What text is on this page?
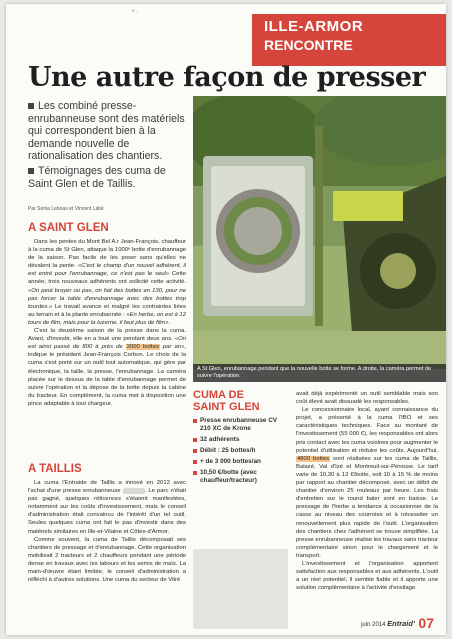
* ·
ILLE-ARMOR
RENCONTRE
Une autre façon de presser

Les combiné presse-enrubanneuse sont des matériels qui correspondent bien à la demande nouvelle de rationalisation des chantiers.

Témoignages des cuma de Saint Glen et de Taillis.

Par Sonia Leboas et Vincent Labé
A SAINT GLEN

Dans les pentes du Mont Bel A.r Jean-François, chauffeur à la cuma de St Glen, attaque la 1000ᵉ botte d'enrubannage de la saison. Pas facile de les poser sans qu'elles ne dévalent la pente. «C'est le champ d'un nouvel adhérent, il est entré pour l'enrubannage, ce n'est pas le seul» Cette année, trois nouveaux adhérents ont sollicité cette activité. «On peut broyer ou pas, on fait des bottes en 130, pour ne pas forcer la table d'enrubannage avec des bottes trop lourdes.» Le travail avance et malgré les contraintes liées au terrain et à la plante enrubannée : «En herbe, on est à 12 tours de film, mais pour la luzerne, il faut plus de film».

C'est la deuxième saison de la presse dans la cuma. Avant, d'investir, elle en a loué une pendant deux ans. «On est ainsi passé de 800 à près de 2000 bottes par an», indique le président Jean-François Corbon. Le choix de la cuma s'est porté sur un outil tout automatique, qui gère par électronique, la taille, la presse, l'enrubannage. La caméra placée sur le dessus de la table d'enrubannage permet de suivre l'opération et la dépose de la botte depuis la cabine du tracteur. En complément, la cuma met à disposition une pince adaptable à tout chargeur.

A TAILLIS

La cuma l'Entraide de Taillis a innové en 2012 avec l'achat d'une presse enrubanneuse	. Le parc n'était pas gagné, quelques réticences s'étaient manifestées, notamment sur les coûts d'investissement, mais le conseil d'administration était convaincu de l'intérêt d'un tel outil. Seules quelques cuma ont fait le pas d'investir dans des matériels similaires en Ille-et-Vilaine et Côtes-d'Armor.

Comme souvent, la cuma de Taillis décomposait ses chantiers de pressage et d'enrubannage. Cette organisation mobilisait 2 tracteurs et 2 chauffeurs pendant une période dense en travaux avec les labours et les semis de maïs. La main-d'œuvre étant limitée, le conseil d'administration a réfléchi à d'autres solutions. Une cuma du secteur de Vitré

A St Glen, enrubannage pendant que la nouvelle botte se forme. A droite, la caméra permet de suivre l'opération.
CUMA DE
SAINT GLEN
Presse enrubanneuse CV 210 XC de Krone
32 adhérents
Débit : 25 bottes/h
+ de 3 000 bottes/an
10,50 €/botte (avec chauffeur/tracteur)

avait déjà expérimenté un outil semblable mais son coût élevé avait dissuadé les responsables.

Le concessionnaire local, ayant connaissance du projet, a présenté à la cuma l'IBO et ses caractéristiques techniques. Face au montant de l'investissement (55 000 €), les responsables ont alors pris contact avec les cuma voisines pour augmenter le potentiel d'utilisation et réduire les coûts. Aujourd'hui, 4800 bottes sont réalisées sur les cuma de Taillis, Balazé, Val d'Izé et Montreuil-sur-Pérouse. Le tarif varie de 10,30 à 12 €/botte, soit 10 à 15 % de moins par rapport au chantier décomposé, avec un débit de chantier d'environ 25 rouleaux par heure. Les frais d'entretien sur le round baler sont en baisse. Le pressage de l'herbe a tendance à occasionner de la casse au niveau des courroies et à nécessiter un renouvellement plus rapide de l'outil. L'organisation des chantiers chez l'adhérent se trouve simplifiée. La presse enrubanneuse réalise les travaux sans tracteur complémentaire sinon pour le chargement et le transport.

L'investissement et l'organisation apportent satisfaction aux responsables et aux adhérents. L'outil a un réel potentiel, il semble fiable et il apporte une solution complémentaire à l'activité d'ensilage.

juin 2014 Entraid' 07
